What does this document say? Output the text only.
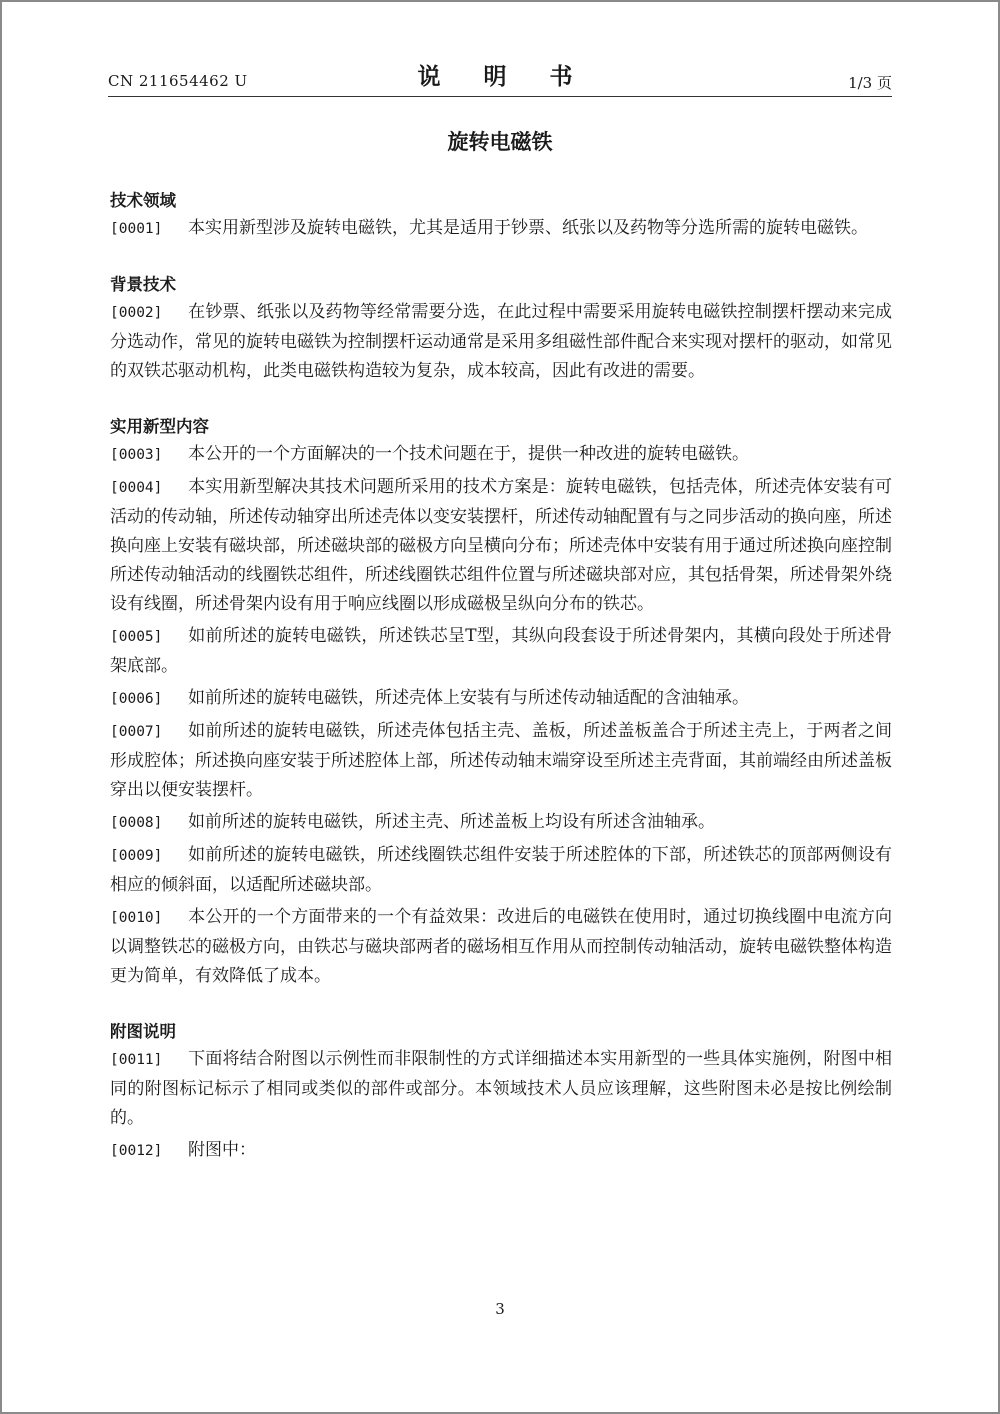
CN 211654462 U	说　明　书	1/3 页
旋转电磁铁

技术领域

[0001] 本实用新型涉及旋转电磁铁，尤其是适用于钞票、纸张以及药物等分选所需的旋转电磁铁。

背景技术

[0002] 在钞票、纸张以及药物等经常需要分选，在此过程中需要采用旋转电磁铁控制摆杆摆动来完成分选动作，常见的旋转电磁铁为控制摆杆运动通常是采用多组磁性部件配合来实现对摆杆的驱动，如常见的双铁芯驱动机构，此类电磁铁构造较为复杂，成本较高，因此有改进的需要。

实用新型内容

[0003] 本公开的一个方面解决的一个技术问题在于，提供一种改进的旋转电磁铁。

[0004] 本实用新型解决其技术问题所采用的技术方案是：旋转电磁铁，包括壳体，所述壳体安装有可活动的传动轴，所述传动轴穿出所述壳体以变安装摆杆，所述传动轴配置有与之同步活动的换向座，所述换向座上安装有磁块部，所述磁块部的磁极方向呈横向分布；所述壳体中安装有用于通过所述换向座控制所述传动轴活动的线圈铁芯组件，所述线圈铁芯组件位置与所述磁块部对应，其包括骨架，所述骨架外绕设有线圈，所述骨架内设有用于响应线圈以形成磁极呈纵向分布的铁芯。

[0005] 如前所述的旋转电磁铁，所述铁芯呈T型，其纵向段套设于所述骨架内，其横向段处于所述骨架底部。

[0006] 如前所述的旋转电磁铁，所述壳体上安装有与所述传动轴适配的含油轴承。

[0007] 如前所述的旋转电磁铁，所述壳体包括主壳、盖板，所述盖板盖合于所述主壳上，于两者之间形成腔体；所述换向座安装于所述腔体上部，所述传动轴末端穿设至所述主壳背面，其前端经由所述盖板穿出以便安装摆杆。

[0008] 如前所述的旋转电磁铁，所述主壳、所述盖板上均设有所述含油轴承。

[0009] 如前所述的旋转电磁铁，所述线圈铁芯组件安装于所述腔体的下部，所述铁芯的顶部两侧设有相应的倾斜面，以适配所述磁块部。

[0010] 本公开的一个方面带来的一个有益效果：改进后的电磁铁在使用时，通过切换线圈中电流方向以调整铁芯的磁极方向，由铁芯与磁块部两者的磁场相互作用从而控制传动轴活动，旋转电磁铁整体构造更为简单，有效降低了成本。

附图说明

[0011] 下面将结合附图以示例性而非限制性的方式详细描述本实用新型的一些具体实施例，附图中相同的附图标记标示了相同或类似的部件或部分。本领域技术人员应该理解，这些附图未必是按比例绘制的。

[0012] 附图中：

3
